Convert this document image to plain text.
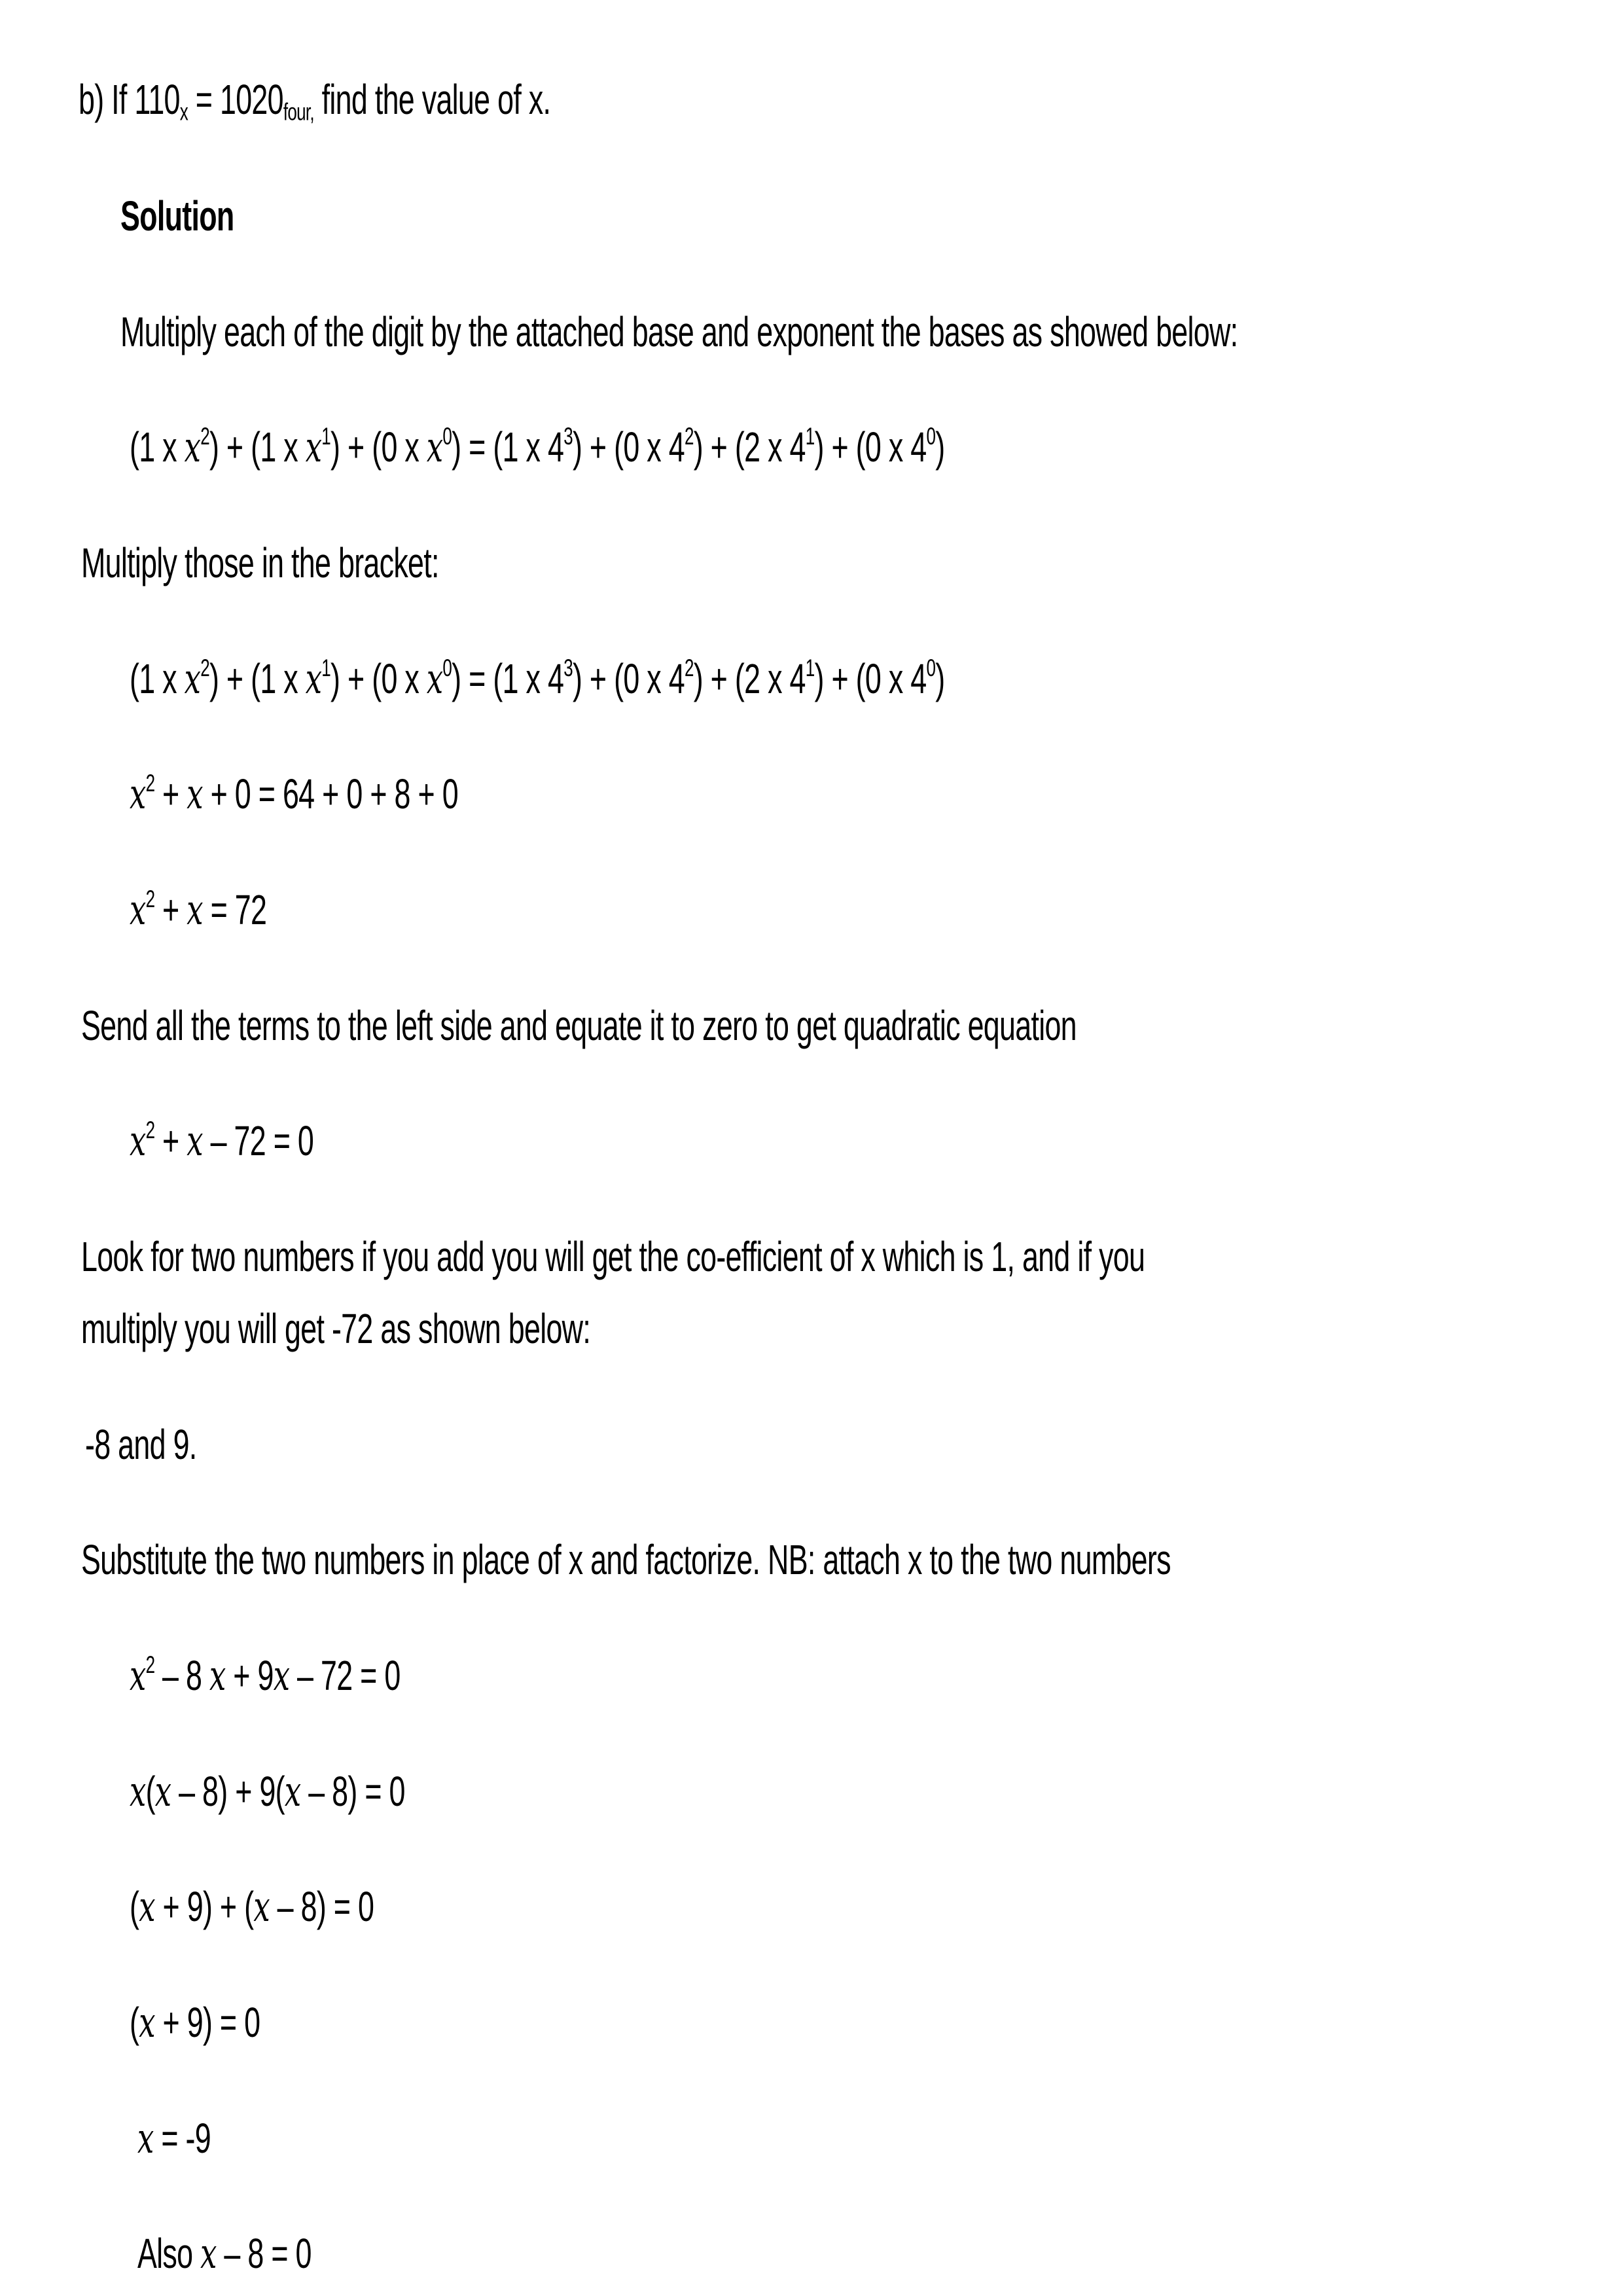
b) If $110_x = 1020_{four,}$ find the value of x.
Solution
Multiply each of the digit by the attached base and exponent the bases as showed below:
(1 x $x^2) + (1$ x $x^1) + (0$ x $x^0) = (1$ x $4^3) + (0$ x $4^2) + (2$ x $4^1) + (0$ x $4^0$)
Multiply those in the bracket:
(1 x $x^2) + (1$ x $x^1) + (0$ x $x^0) = (1$ x $4^3) + (0$ x $4^2) + (2$ x $4^1) + (0$ x $4^0$)
$x^2 + x + 0 = 64 + 0 + 8 + 0$
$x^2 + x = 72$
Send all the terms to the left side and equate it to zero to get quadratic equation
$x^2 + x - 72 = 0$
Look for two numbers if you add you will get the co-efficient of x which is 1, and if you
multiply you will get -72 as shown below:
-8 and 9.
Substitute the two numbers in place of x and factorize. NB: attach x to the two numbers
$x^2 - 8$ x + 9x – 72 = 0
x(x – 8) + 9(x – 8) = 0
(x + 9) + (x – 8) = 0
(x + 9) = 0
x = -9
Also x – 8 = 0
